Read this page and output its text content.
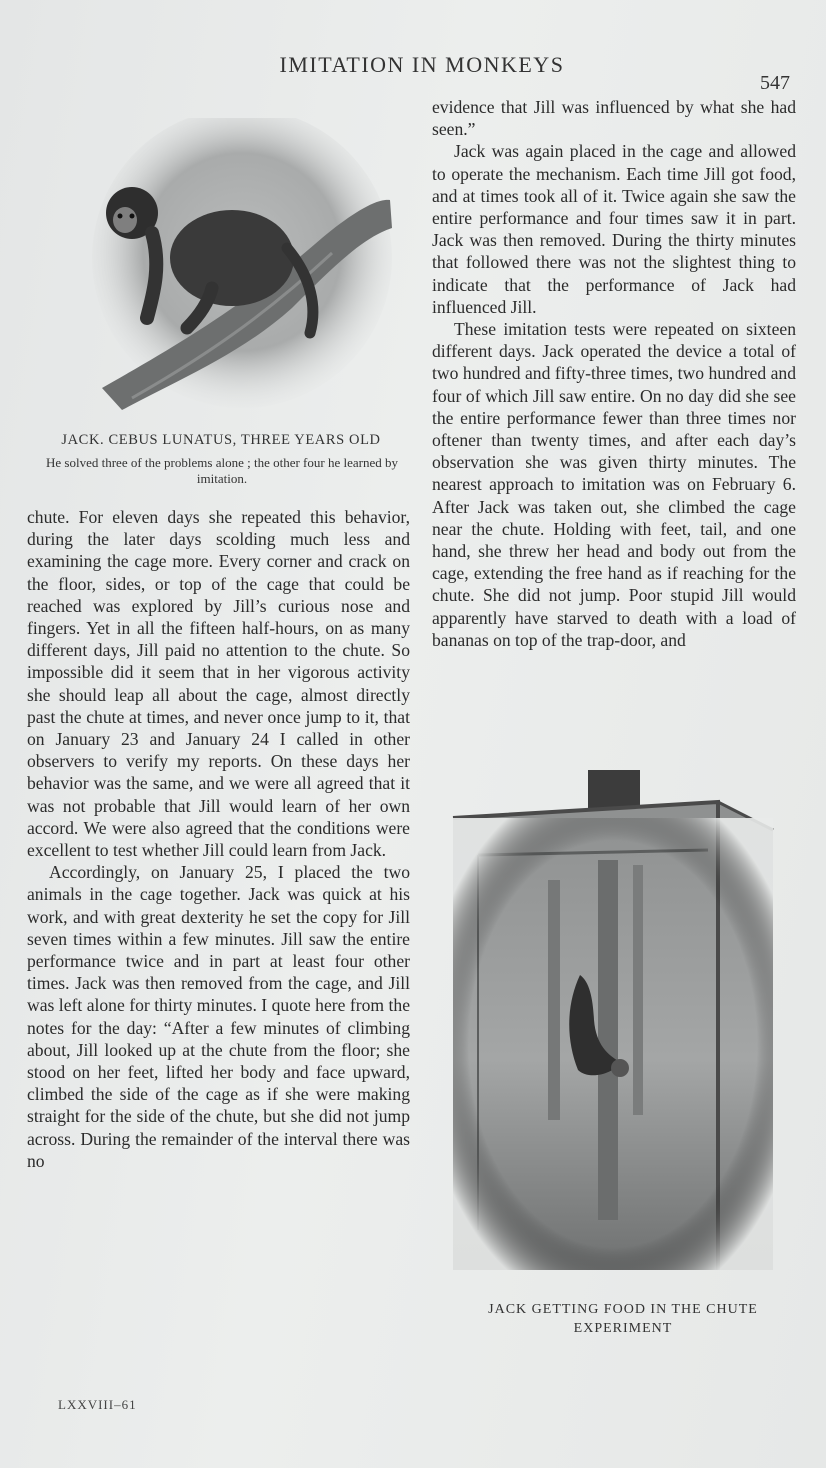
IMITATION IN MONKEYS
547
JACK. CEBUS LUNATUS, THREE YEARS OLD
He solved three of the problems alone ; the other four he learned by imitation.

evidence that Jill was influenced by what she had seen.”

Jack was again placed in the cage and allowed to operate the mechanism. Each time Jill got food, and at times took all of it. Twice again she saw the entire performance and four times saw it in part. Jack was then removed. During the thirty minutes that followed there was not the slightest thing to indicate that the performance of Jack had influenced Jill.

These imitation tests were repeated on sixteen different days. Jack operated the device a total of two hundred and fifty-three times, two hundred and four of which Jill saw entire. On no day did she see the entire performance fewer than three times nor oftener than twenty times, and after each day’s observation she was given thirty minutes. The nearest approach to imitation was on February 6. After Jack was taken out, she climbed the cage near the chute. Holding with feet, tail, and one hand, she threw her head and body out from the cage, extending the free hand as if reaching for the chute. She did not jump. Poor stupid Jill would apparently have starved to death with a load of bananas on top of the trap-door, and

chute. For eleven days she repeated this behavior, during the later days scolding much less and examining the cage more. Every corner and crack on the floor, sides, or top of the cage that could be reached was explored by Jill’s curious nose and fingers. Yet in all the fifteen half-hours, on as many different days, Jill paid no attention to the chute. So impossible did it seem that in her vigorous activity she should leap all about the cage, almost directly past the chute at times, and never once jump to it, that on January 23 and January 24 I called in other observers to verify my reports. On these days her behavior was the same, and we were all agreed that it was not probable that Jill would learn of her own accord. We were also agreed that the conditions were excellent to test whether Jill could learn from Jack.

Accordingly, on January 25, I placed the two animals in the cage together. Jack was quick at his work, and with great dexterity he set the copy for Jill seven times within a few minutes. Jill saw the entire performance twice and in part at least four other times. Jack was then removed from the cage, and Jill was left alone for thirty minutes. I quote here from the notes for the day: “After a few minutes of climbing about, Jill looked up at the chute from the floor; she stood on her feet, lifted her body and face upward, climbed the side of the cage as if she were making straight for the side of the chute, but she did not jump across. During the remainder of the interval there was no

JACK GETTING FOOD IN THE CHUTE
EXPERIMENT
LXXVIII–61
